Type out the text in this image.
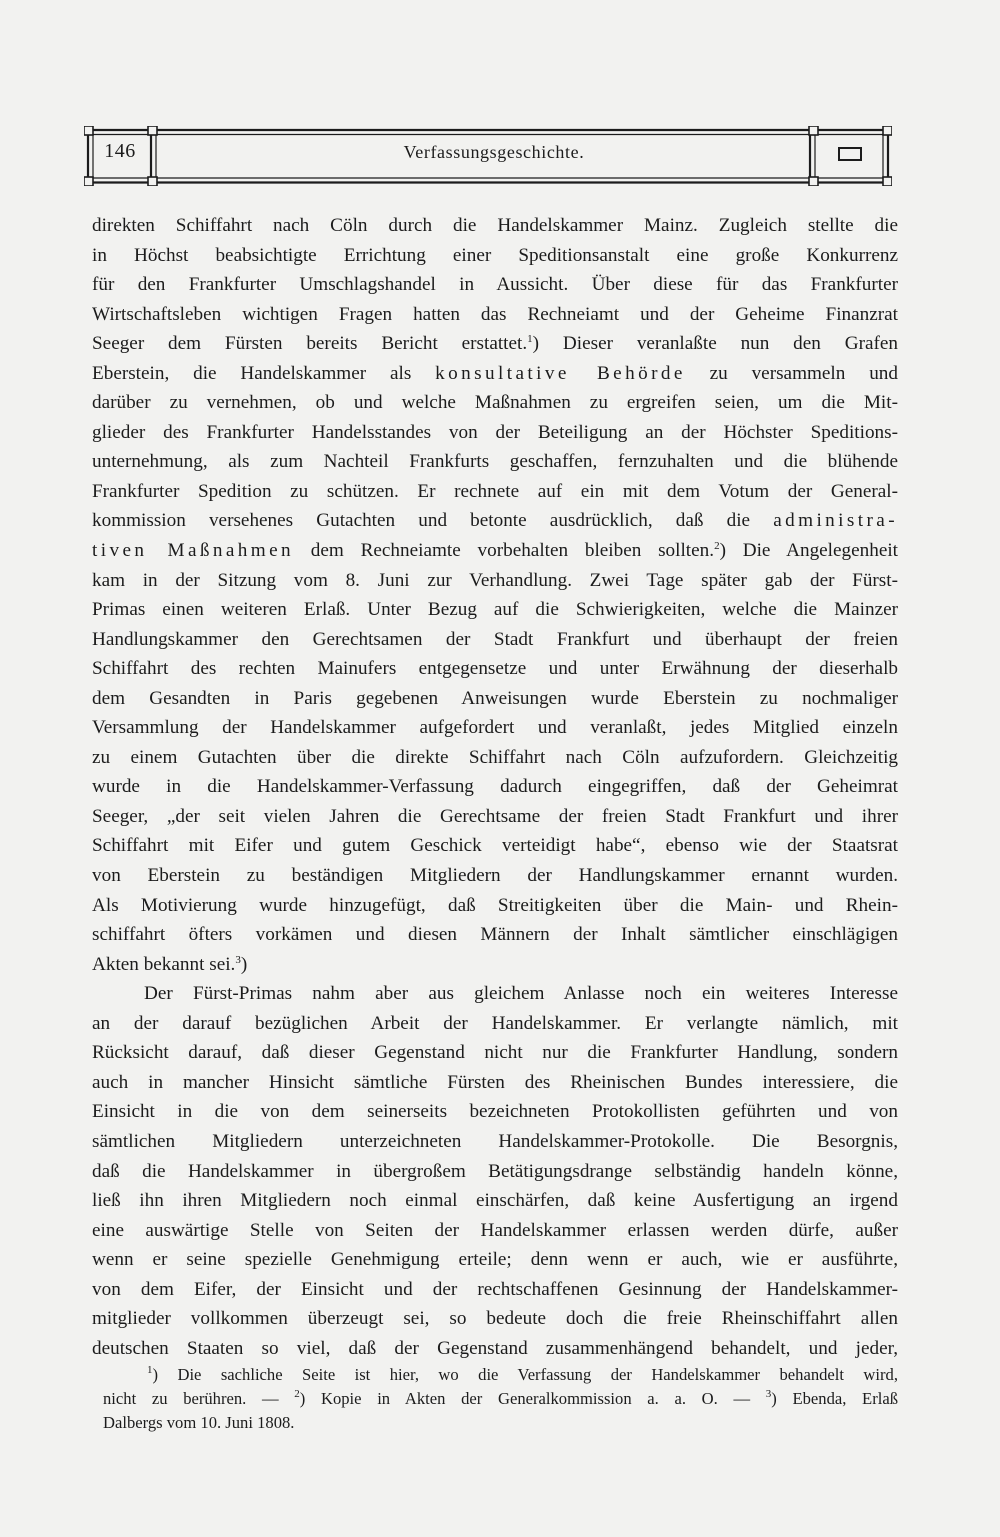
146	Verfassungsgeschichte.
direkten Schiffahrt nach Cöln durch die Handelskammer Mainz. Zugleich stellte die
in Höchst beabsichtigte Errichtung einer Speditionsanstalt eine große Konkurrenz
für den Frankfurter Umschlagshandel in Aussicht. Über diese für das Frankfurter
Wirtschaftsleben wichtigen Fragen hatten das Rechneiamt und der Geheime Finanzrat
Seeger dem Fürsten bereits Bericht erstattet.$^1$) Dieser veranlaßte nun den Grafen
Eberstein, die Handelskammer als konsultative Behörde zu versammeln und
darüber zu vernehmen, ob und welche Maßnahmen zu ergreifen seien, um die Mit-
glieder des Frankfurter Handelsstandes von der Beteiligung an der Höchster Speditions-
unternehmung, als zum Nachteil Frankfurts geschaffen, fernzuhalten und die blühende
Frankfurter Spedition zu schützen. Er rechnete auf ein mit dem Votum der General-
kommission versehenes Gutachten und betonte ausdrücklich, daß die administra-
tiven Maßnahmen dem Rechneiamte vorbehalten bleiben sollten.$^2$) Die Angelegenheit
kam in der Sitzung vom 8. Juni zur Verhandlung. Zwei Tage später gab der Fürst-
Primas einen weiteren Erlaß. Unter Bezug auf die Schwierigkeiten, welche die Mainzer
Handlungskammer den Gerechtsamen der Stadt Frankfurt und überhaupt der freien
Schiffahrt des rechten Mainufers entgegensetze und unter Erwähnung der dieserhalb
dem Gesandten in Paris gegebenen Anweisungen wurde Eberstein zu nochmaliger
Versammlung der Handelskammer aufgefordert und veranlaßt, jedes Mitglied einzeln
zu einem Gutachten über die direkte Schiffahrt nach Cöln aufzufordern. Gleichzeitig
wurde in die Handelskammer-Verfassung dadurch eingegriffen, daß der Geheimrat
Seeger, „der seit vielen Jahren die Gerechtsame der freien Stadt Frankfurt und ihrer
Schiffahrt mit Eifer und gutem Geschick verteidigt habe“, ebenso wie der Staatsrat
von Eberstein zu beständigen Mitgliedern der Handlungskammer ernannt wurden.
Als Motivierung wurde hinzugefügt, daß Streitigkeiten über die Main- und Rhein-
schiffahrt öfters vorkämen und diesen Männern der Inhalt sämtlicher einschlägigen
Akten bekannt sei.$^3$)
Der Fürst-Primas nahm aber aus gleichem Anlasse noch ein weiteres Interesse
an der darauf bezüglichen Arbeit der Handelskammer. Er verlangte nämlich, mit
Rücksicht darauf, daß dieser Gegenstand nicht nur die Frankfurter Handlung, sondern
auch in mancher Hinsicht sämtliche Fürsten des Rheinischen Bundes interessiere, die
Einsicht in die von dem seinerseits bezeichneten Protokollisten geführten und von
sämtlichen Mitgliedern unterzeichneten Handelskammer-Protokolle. Die Besorgnis,
daß die Handelskammer in übergroßem Betätigungsdrange selbständig handeln könne,
ließ ihn ihren Mitgliedern noch einmal einschärfen, daß keine Ausfertigung an irgend
eine auswärtige Stelle von Seiten der Handelskammer erlassen werden dürfe, außer
wenn er seine spezielle Genehmigung erteile; denn wenn er auch, wie er ausführte,
von dem Eifer, der Einsicht und der rechtschaffenen Gesinnung der Handelskammer-
mitglieder vollkommen überzeugt sei, so bedeute doch die freie Rheinschiffahrt allen
deutschen Staaten so viel, daß der Gegenstand zusammenhängend behandelt, und jeder,
$^1$) Die sachliche Seite ist hier, wo die Verfassung der Handelskammer behandelt wird,
nicht zu berühren. — $^2$) Kopie in Akten der Generalkommission a. a. O. — $^3$) Ebenda, Erlaß
Dalbergs vom 10. Juni 1808.
